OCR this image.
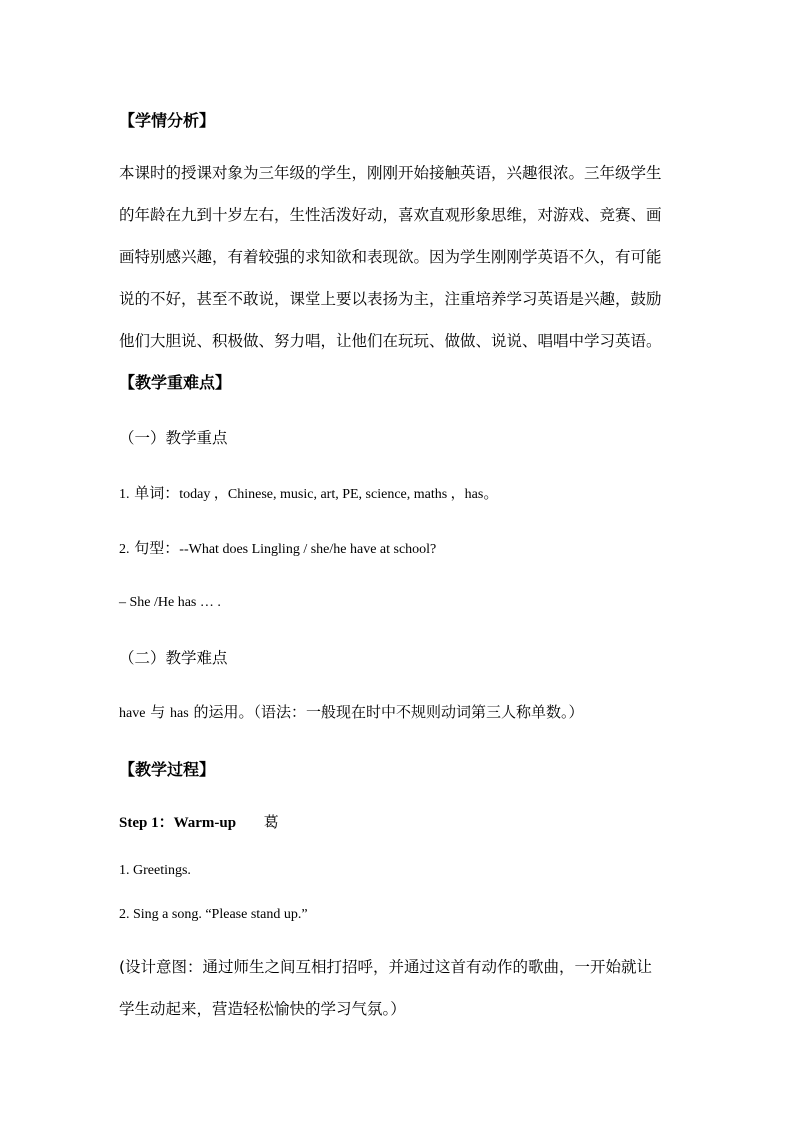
【学情分析】
本课时的授课对象为三年级的学生，刚刚开始接触英语，兴趣很浓。三年级学生
的年龄在九到十岁左右，生性活泼好动，喜欢直观形象思维，对游戏、竞赛、画
画特别感兴趣，有着较强的求知欲和表现欲。因为学生刚刚学英语不久，有可能
说的不好，甚至不敢说，课堂上要以表扬为主，注重培养学习英语是兴趣，鼓励
他们大胆说、积极做、努力唱，让他们在玩玩、做做、说说、唱唱中学习英语。
【教学重难点】
（一）教学重点
1. 单词：today ，Chinese, music, art, PE, science, maths ，has。
2. 句型：--What does Lingling / she/he have at school?
– She /He has … .
（二）教学难点
have 与 has 的运用。（语法：一般现在时中不规则动词第三人称单数。）
【教学过程】
Step 1：Warm-up 葛
1. Greetings.
2. Sing a song. “Please stand up.”
(设计意图：通过师生之间互相打招呼，并通过这首有动作的歌曲，一开始就让
学生动起来，营造轻松愉快的学习气氛。）
